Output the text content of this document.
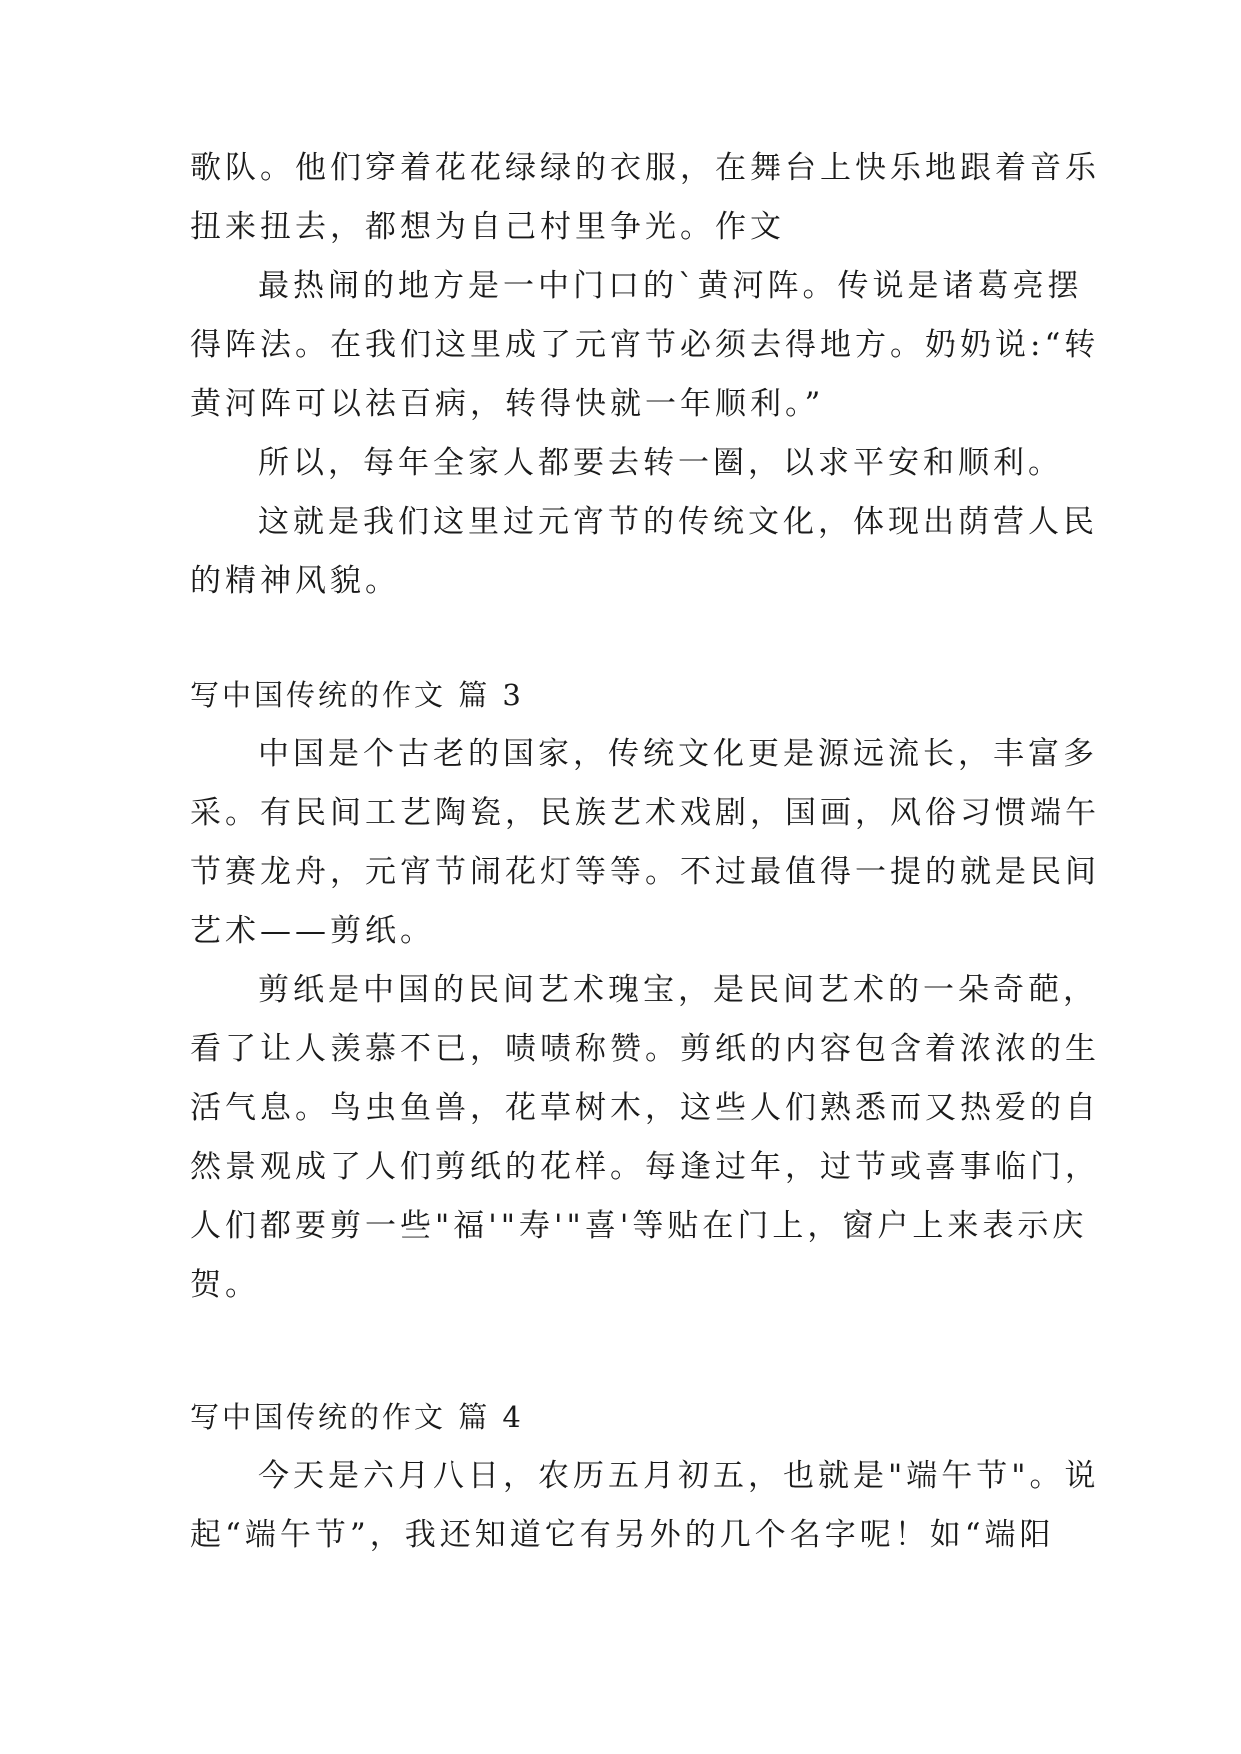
歌队。他们穿着花花绿绿的衣服，在舞台上快乐地跟着音乐
扭来扭去，都想为自己村里争光。作文
最热闹的地方是一中门口的`黄河阵。传说是诸葛亮摆
得阵法。在我们这里成了元宵节必须去得地方。奶奶说:“转
黄河阵可以祛百病，转得快就一年顺利。”
所以，每年全家人都要去转一圈，以求平安和顺利。
这就是我们这里过元宵节的传统文化，体现出荫营人民
的精神风貌。
写中国传统的作文 篇 3
中国是个古老的国家，传统文化更是源远流长，丰富多
采。有民间工艺陶瓷，民族艺术戏剧，国画，风俗习惯端午
节赛龙舟，元宵节闹花灯等等。不过最值得一提的就是民间
艺术——剪纸。
剪纸是中国的民间艺术瑰宝，是民间艺术的一朵奇葩，
看了让人羡慕不已，啧啧称赞。剪纸的内容包含着浓浓的生
活气息。鸟虫鱼兽，花草树木，这些人们熟悉而又热爱的自
然景观成了人们剪纸的花样。每逢过年，过节或喜事临门，
人们都要剪一些"福'"寿'"喜'等贴在门上，窗户上来表示庆
贺。
写中国传统的作文 篇 4
今天是六月八日，农历五月初五，也就是"端午节"。说
起“端午节”，我还知道它有另外的几个名字呢！如“端阳
